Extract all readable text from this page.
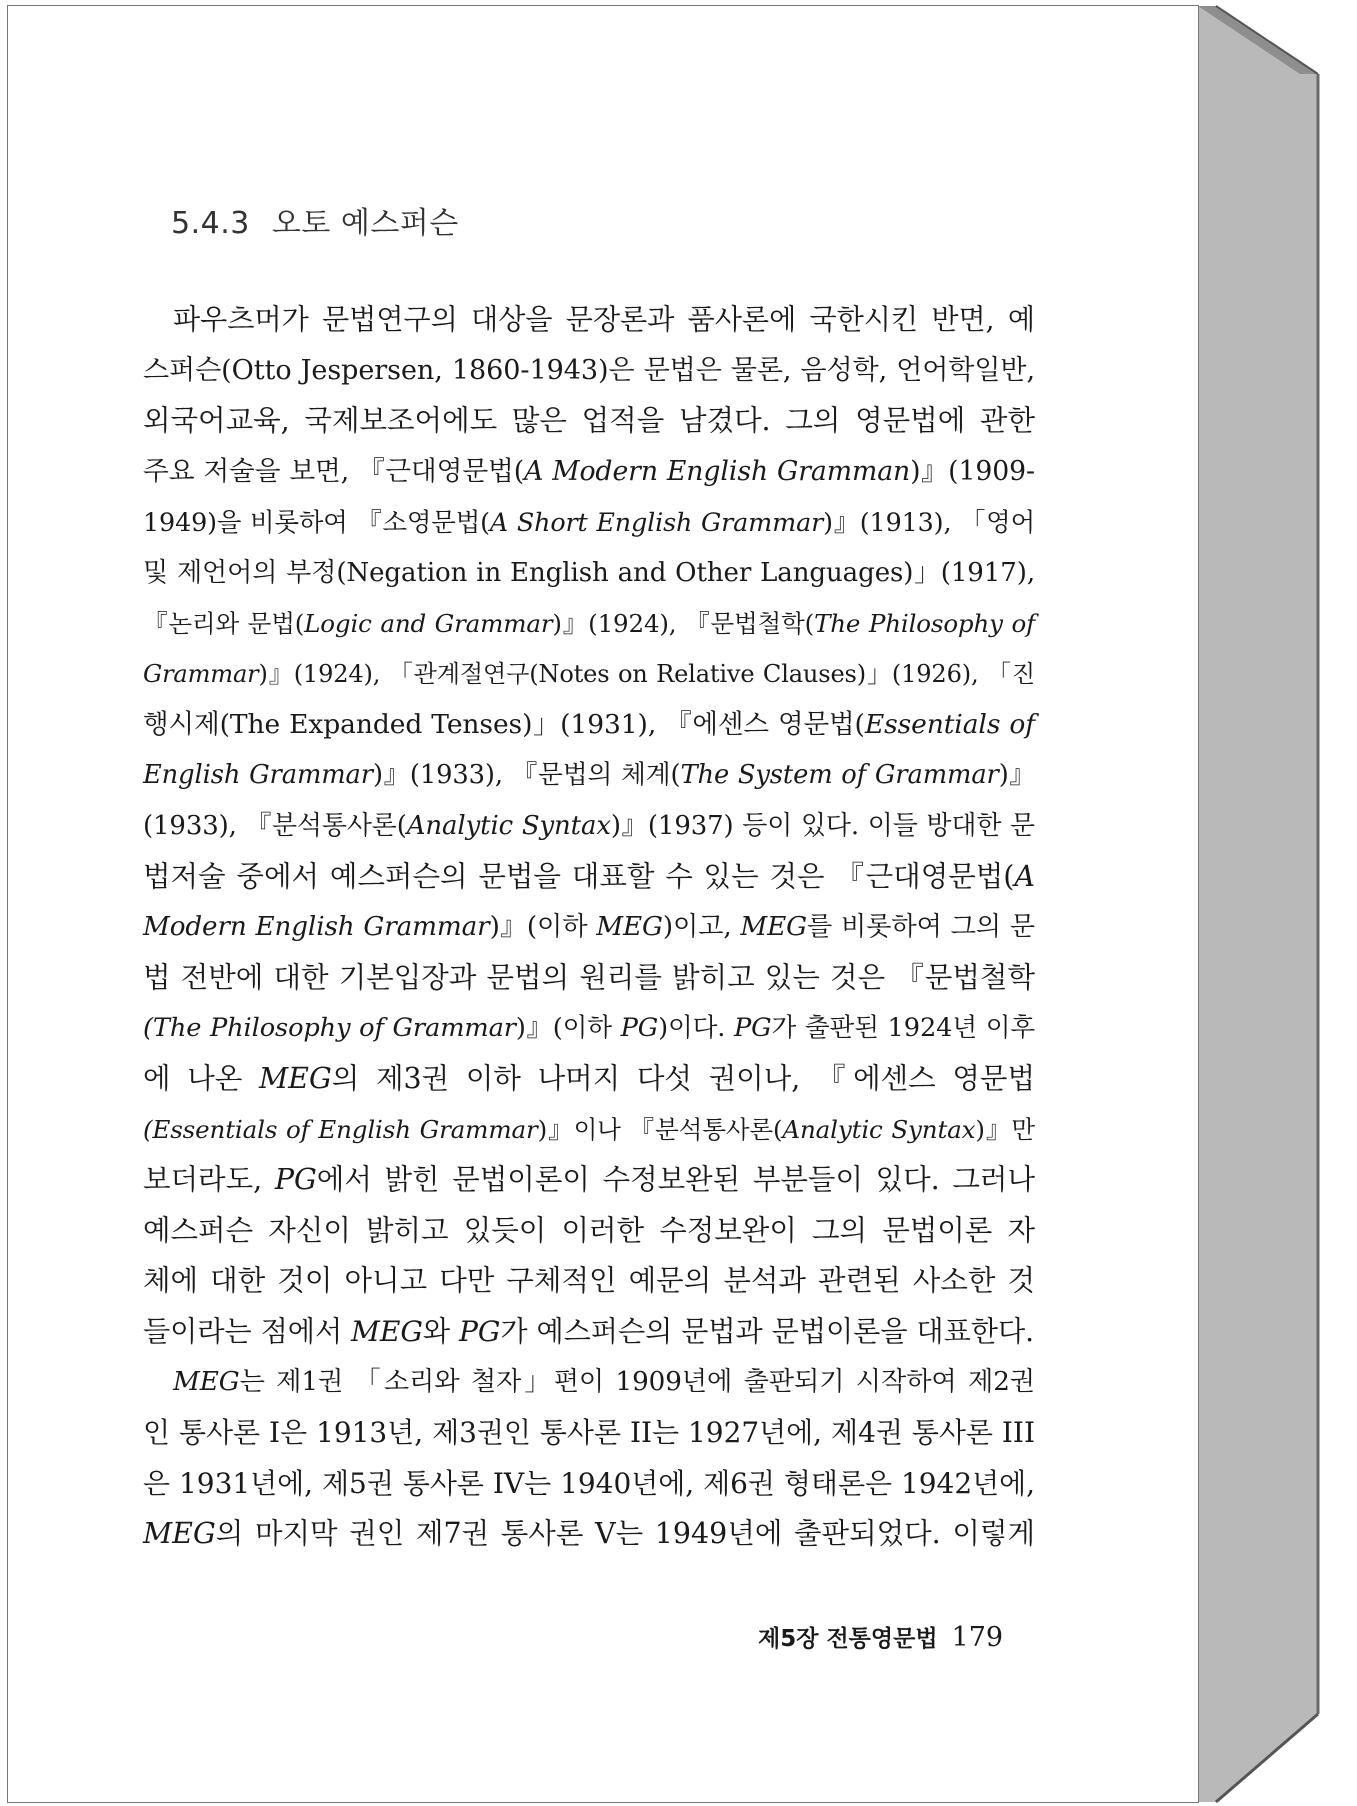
5.4.3 오토 예스퍼슨
파우츠머가 문법연구의 대상을 문장론과 품사론에 국한시킨 반면, 예
스퍼슨(Otto Jespersen, 1860-1943)은 문법은 물론, 음성학, 언어학일반,
외국어교육, 국제보조어에도 많은 업적을 남겼다. 그의 영문법에 관한
주요 저술을 보면, 『근대영문법(A Modern English Gramman)』(1909-
1949)을 비롯하여 『소영문법(A Short English Grammar)』(1913), 「영어
및 제언어의 부정(Negation in English and Other Languages)」(1917),
『논리와 문법(Logic and Grammar)』(1924), 『문법철학(The Philosophy of
Grammar)』(1924), 「관계절연구(Notes on Relative Clauses)」(1926), 「진
행시제(The Expanded Tenses)」(1931), 『에센스 영문법(Essentials of
English Grammar)』(1933), 『문법의 체계(The System of Grammar)』
(1933), 『분석통사론(Analytic Syntax)』(1937) 등이 있다. 이들 방대한 문
법저술 중에서 예스퍼슨의 문법을 대표할 수 있는 것은 『근대영문법(A
Modern English Grammar)』(이하 MEG)이고, MEG를 비롯하여 그의 문
법 전반에 대한 기본입장과 문법의 원리를 밝히고 있는 것은 『문법철학
(The Philosophy of Grammar)』(이하 PG)이다. PG가 출판된 1924년 이후
에 나온 MEG의 제3권 이하 나머지 다섯 권이나, 『에센스 영문법
(Essentials of English Grammar)』이나 『분석통사론(Analytic Syntax)』만
보더라도, PG에서 밝힌 문법이론이 수정보완된 부분들이 있다. 그러나
예스퍼슨 자신이 밝히고 있듯이 이러한 수정보완이 그의 문법이론 자
체에 대한 것이 아니고 다만 구체적인 예문의 분석과 관련된 사소한 것
들이라는 점에서 MEG와 PG가 예스퍼슨의 문법과 문법이론을 대표한다.
MEG는 제1권 「소리와 철자」편이 1909년에 출판되기 시작하여 제2권
인 통사론 I은 1913년, 제3권인 통사론 II는 1927년에, 제4권 통사론 III
은 1931년에, 제5권 통사론 IV는 1940년에, 제6권 형태론은 1942년에,
MEG의 마지막 권인 제7권 통사론 V는 1949년에 출판되었다. 이렇게
제5장 전통영문법 179
